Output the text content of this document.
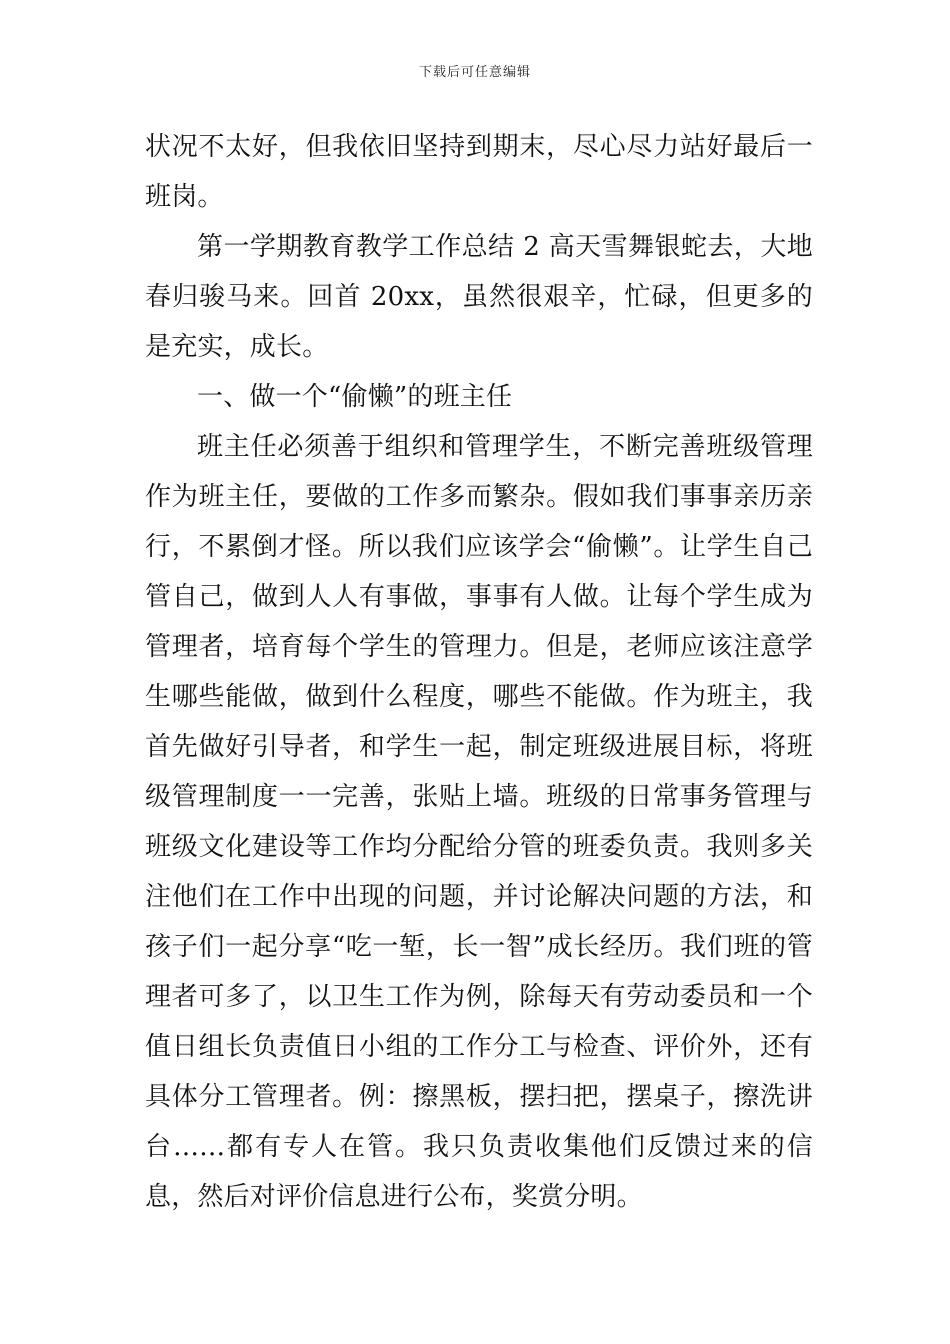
下载后可任意编辑

状况不太好，但我依旧坚持到期末，尽心尽力站好最后一班岗。

第一学期教育教学工作总结 2 高天雪舞银蛇去，大地春归骏马来。回首 20xx，虽然很艰辛，忙碌，但更多的是充实，成长。

一、做一个“偷懒”的班主任

班主任必须善于组织和管理学生，不断完善班级管理作为班主任，要做的工作多而繁杂。假如我们事事亲历亲行，不累倒才怪。所以我们应该学会“偷懒”。让学生自己管自己，做到人人有事做，事事有人做。让每个学生成为管理者，培育每个学生的管理力。但是，老师应该注意学生哪些能做，做到什么程度，哪些不能做。作为班主，我首先做好引导者，和学生一起，制定班级进展目标，将班级管理制度一一完善，张贴上墙。班级的日常事务管理与班级文化建设等工作均分配给分管的班委负责。我则多关注他们在工作中出现的问题，并讨论解决问题的方法，和孩子们一起分享“吃一堑，长一智”成长经历。我们班的管理者可多了，以卫生工作为例，除每天有劳动委员和一个值日组长负责值日小组的工作分工与检查、评价外，还有具体分工管理者。例：擦黑板，摆扫把，摆桌子，擦洗讲台……都有专人在管。我只负责收集他们反馈过来的信息，然后对评价信息进行公布，奖赏分明。
